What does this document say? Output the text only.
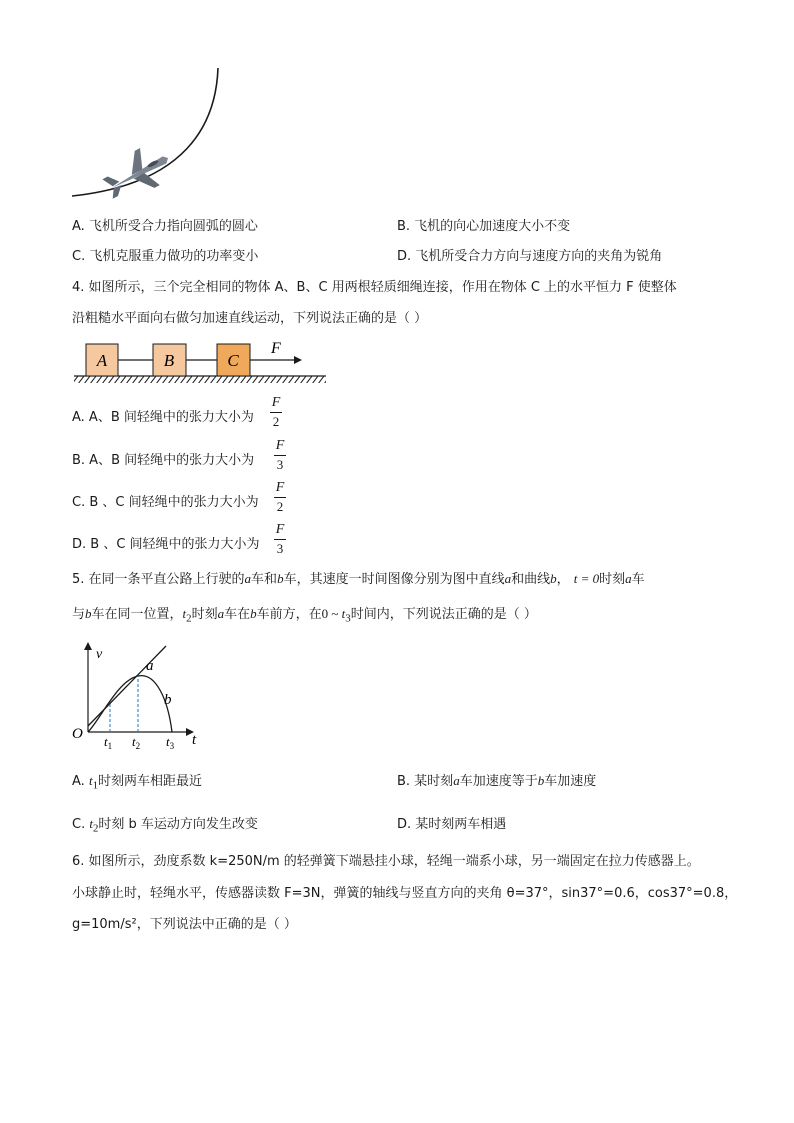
A. 飞机所受合力指向圆弧的圆心	B. 飞机的向心加速度大小不变
C. 飞机克服重力做功的功率变小	D. 飞机所受合力方向与速度方向的夹角为锐角
4. 如图所示，三个完全相同的物体 A、B、C 用两根轻质细绳连接，作用在物体 C 上的水平恒力 F 使整体
沿粗糙水平面向右做匀加速直线运动，下列说法正确的是（ ）
A	B	C
F
A. A、B 间轻绳中的张力大小为
F
2
B. A、B 间轻绳中的张力大小为
F
3
C. B 、C 间轻绳中的张力大小为
F
2
D. B 、C 间轻绳中的张力大小为
F
3
5. 在同一条平直公路上行驶的a车和b车，其速度一时间图像分别为图中直线a和曲线b， t = 0时刻a车
与b车在同一位置，$t_2$时刻a车在b车前方，在0 ~ $t_3$时间内，下列说法正确的是（ ）
v
a
b
O	t
$t_1$ $t_2$ $t_3$
A. $t_1$时刻两车相距最近	B. 某时刻a车加速度等于b车加速度
C. $t_2$时刻 b 车运动方向发生改变	D. 某时刻两车相遇
6. 如图所示，劲度系数 k=250N/m 的轻弹簧下端悬挂小球，轻绳一端系小球，另一端固定在拉力传感器上。
小球静止时，轻绳水平，传感器读数 F=3N，弹簧的轴线与竖直方向的夹角 θ=37°，sin37°=0.6，cos37°=0.8，
g=10m/s²，下列说法中正确的是（ ）
